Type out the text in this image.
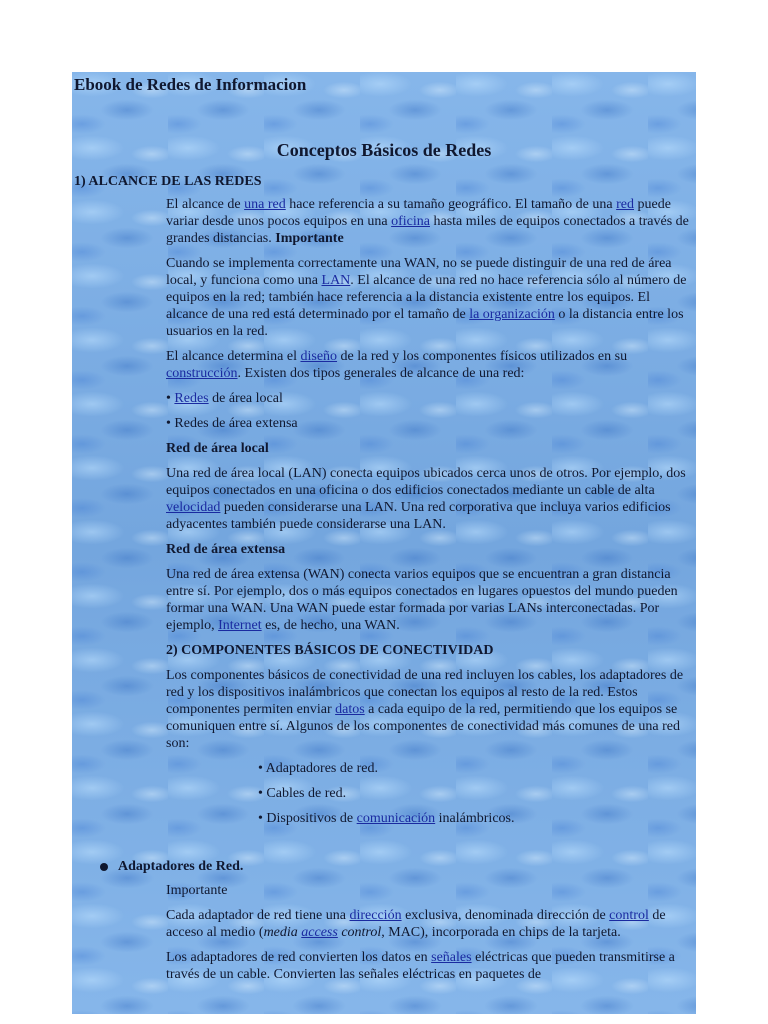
Ebook de Redes de Informacion
Conceptos Básicos de Redes
1) ALCANCE DE LAS REDES

El alcance de una red hace referencia a su tamaño geográfico. El tamaño de una red puede variar desde unos pocos equipos en una oficina hasta miles de equipos conectados a través de grandes distancias. Importante

Cuando se implementa correctamente una WAN, no se puede distinguir de una red de área local, y funciona como una LAN. El alcance de una red no hace referencia sólo al número de equipos en la red; también hace referencia a la distancia existente entre los equipos. El alcance de una red está determinado por el tamaño de la organización o la distancia entre los usuarios en la red.

El alcance determina el diseño de la red y los componentes físicos utilizados en su construcción. Existen dos tipos generales de alcance de una red:

• Redes de área local

• Redes de área extensa

Red de área local

Una red de área local (LAN) conecta equipos ubicados cerca unos de otros. Por ejemplo, dos equipos conectados en una oficina o dos edificios conectados mediante un cable de alta velocidad pueden considerarse una LAN. Una red corporativa que incluya varios edificios adyacentes también puede considerarse una LAN.

Red de área extensa

Una red de área extensa (WAN) conecta varios equipos que se encuentran a gran distancia entre sí. Por ejemplo, dos o más equipos conectados en lugares opuestos del mundo pueden formar una WAN. Una WAN puede estar formada por varias LANs interconectadas. Por ejemplo, Internet es, de hecho, una WAN.

2) COMPONENTES BÁSICOS DE CONECTIVIDAD

Los componentes básicos de conectividad de una red incluyen los cables, los adaptadores de red y los dispositivos inalámbricos que conectan los equipos al resto de la red. Estos componentes permiten enviar datos a cada equipo de la red, permitiendo que los equipos se comuniquen entre sí. Algunos de los componentes de conectividad más comunes de una red son:

• Adaptadores de red.

• Cables de red.

• Dispositivos de comunicación inalámbricos.

Adaptadores de Red.

Importante

Cada adaptador de red tiene una dirección exclusiva, denominada dirección de control de acceso al medio (media access control, MAC), incorporada en chips de la tarjeta.

Los adaptadores de red convierten los datos en señales eléctricas que pueden transmitirse a través de un cable. Convierten las señales eléctricas en paquetes de
